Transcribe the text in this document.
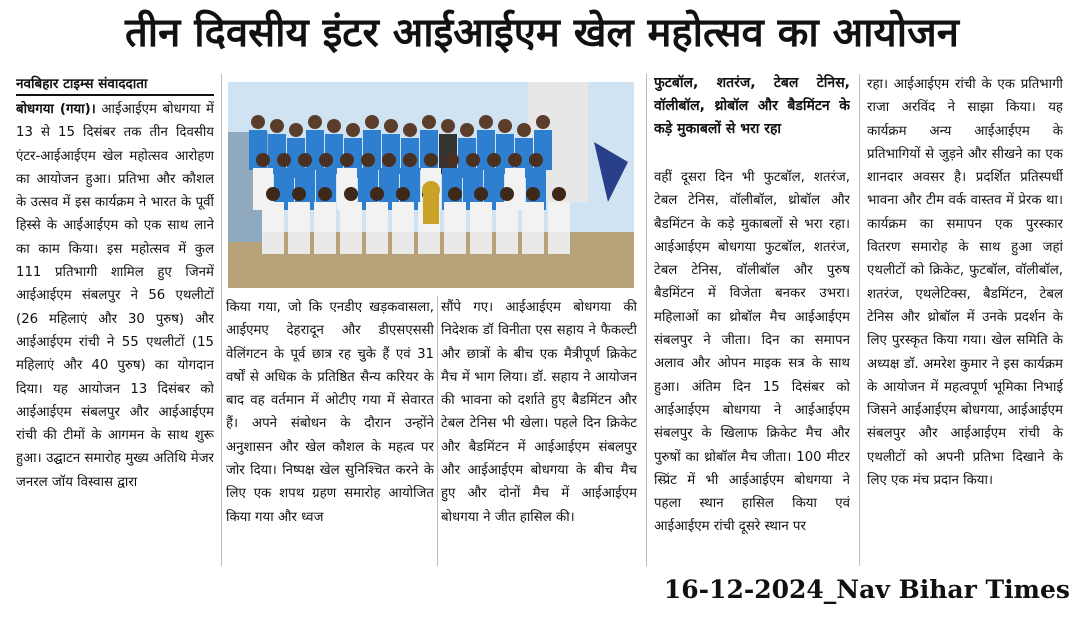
तीन दिवसीय इंटर आईआईएम खेल महोत्सव का आयोजन
नवबिहार टाइम्स संवाददाता

बोधगया (गया)। आईआईएम बोधगया में 13 से 15 दिसंबर तक तीन दिवसीय एंटर-आईआईएम खेल महोत्सव आरोहण का आयोजन हुआ। प्रतिभा और कौशल के उत्सव में इस कार्यक्रम ने भारत के पूर्वी हिस्से के आईआईएम को एक साथ लाने का काम किया। इस महोत्सव में कुल 111 प्रतिभागी शामिल हुए जिनमें आईआईएम संबलपुर ने 56 एथलीटों (26 महिलाएं और 30 पुरुष) और आईआईएम रांची ने 55 एथलीटों (15 महिलाएं और 40 पुरुष) का योगदान दिया। यह आयोजन 13 दिसंबर को आईआईएम संबलपुर और आईआईएम रांची की टीमों के आगमन के साथ शुरू हुआ। उद्घाटन समारोह मुख्य अतिथि मेजर जनरल जॉय विस्वास द्वारा

किया गया, जो कि एनडीए खड़कवासला, आईएमए देहरादून और डीएसएससी वेलिंगटन के पूर्व छात्र रह चुके हैं एवं 31 वर्षों से अधिक के प्रतिष्ठित सैन्य करियर के बाद वह वर्तमान में ओटीए गया में सेवारत हैं। अपने संबोधन के दौरान उन्होंने अनुशासन और खेल कौशल के महत्व पर जोर दिया। निष्पक्ष खेल सुनिश्चित करने के लिए एक शपथ ग्रहण समारोह आयोजित किया गया और ध्वज
सौंपे गए। आईआईएम बोधगया की निदेशक डॉ विनीता एस सहाय ने फैकल्टी और छात्रों के बीच एक मैत्रीपूर्ण क्रिकेट मैच में भाग लिया। डॉ. सहाय ने आयोजन की भावना को दर्शाते हुए बैडमिंटन और टेबल टेनिस भी खेला। पहले दिन क्रिकेट और बैडमिंटन में आईआईएम संबलपुर और आईआईएम बोधगया के बीच मैच हुए और दोनों मैच में आईआईएम बोधगया ने जीत हासिल की।
फुटबॉल, शतरंज, टेबल टेनिस, वॉलीबॉल, थ्रोबॉल और बैडमिंटन के कड़े मुकाबलों से भरा रहा
वहीं दूसरा दिन भी फुटबॉल, शतरंज, टेबल टेनिस, वॉलीबॉल, थ्रोबॉल और बैडमिंटन के कड़े मुकाबलों से भरा रहा। आईआईएम बोधगया फुटबॉल, शतरंज, टेबल टेनिस, वॉलीबॉल और पुरुष बैडमिंटन में विजेता बनकर उभरा। महिलाओं का थ्रोबॉल मैच आईआईएम संबलपुर ने जीता। दिन का समापन अलाव और ओपन माइक सत्र के साथ हुआ। अंतिम दिन 15 दिसंबर को आईआईएम बोधगया ने आईआईएम संबलपुर के खिलाफ क्रिकेट मैच और पुरुषों का थ्रोबॉल मैच जीता। 100 मीटर स्प्रिंट में भी आईआईएम बोधगया ने पहला स्थान हासिल किया एवं आईआईएम रांची दूसरे स्थान पर
रहा। आईआईएम रांची के एक प्रतिभागी राजा अरविंद ने साझा किया। यह कार्यक्रम अन्य आईआईएम के प्रतिभागियों से जुड़ने और सीखने का एक शानदार अवसर है। प्रदर्शित प्रतिस्पर्धी भावना और टीम वर्क वास्तव में प्रेरक था। कार्यक्रम का समापन एक पुरस्कार वितरण समारोह के साथ हुआ जहां एथलीटों को क्रिकेट, फुटबॉल, वॉलीबॉल, शतरंज, एथलेटिक्स, बैडमिंटन, टेबल टेनिस और थ्रोबॉल में उनके प्रदर्शन के लिए पुरस्कृत किया गया। खेल समिति के अध्यक्ष डॉ. अमरेश कुमार ने इस कार्यक्रम के आयोजन में महत्वपूर्ण भूमिका निभाई जिसने आईआईएम बोधगया, आईआईएम संबलपुर और आईआईएम रांची के एथलीटों को अपनी प्रतिभा दिखाने के लिए एक मंच प्रदान किया।
16-12-2024_Nav Bihar Times
